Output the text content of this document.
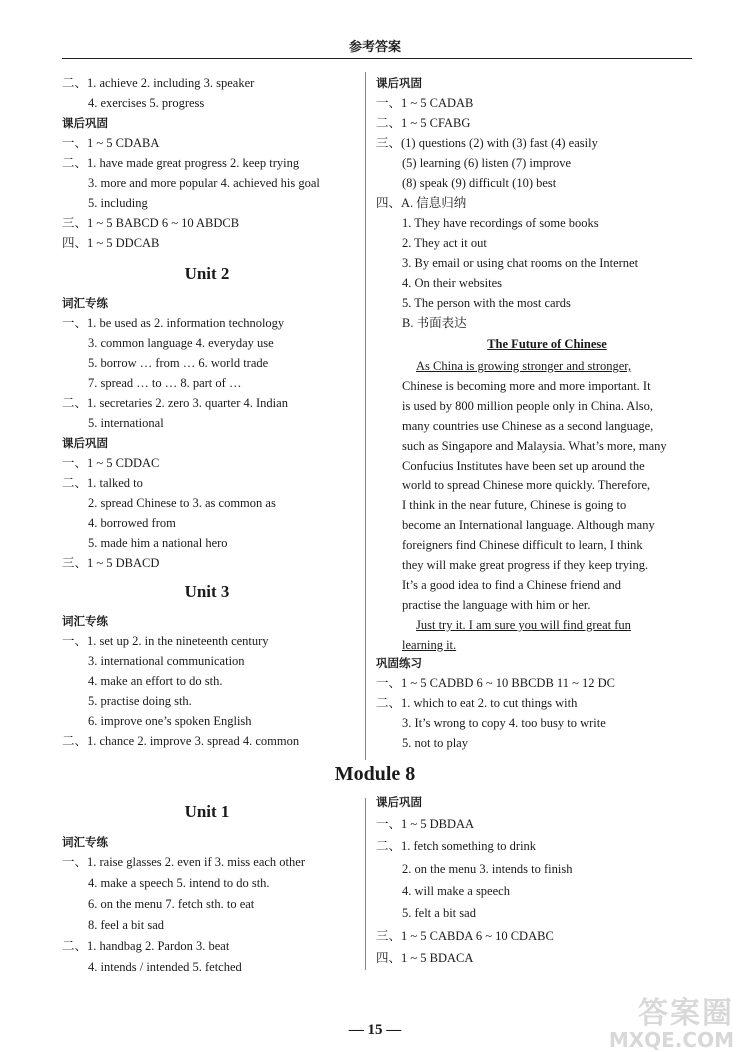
参考答案
二、1. achieve 2. including 3. speaker
4. exercises 5. progress
课后巩固
一、1 ~ 5 CDABA
二、1. have made great progress 2. keep trying
3. more and more popular 4. achieved his goal
5. including
三、1 ~ 5 BABCD 6 ~ 10 ABDCB
四、1 ~ 5 DDCAB
Unit 2
词汇专练
一、1. be used as 2. information technology
3. common language 4. everyday use
5. borrow … from … 6. world trade
7. spread … to … 8. part of …
二、1. secretaries 2. zero 3. quarter 4. Indian
5. international
课后巩固
一、1 ~ 5 CDDAC
二、1. talked to
2. spread Chinese to 3. as common as
4. borrowed from
5. made him a national hero
三、1 ~ 5 DBACD
Unit 3
词汇专练
一、1. set up 2. in the nineteenth century
3. international communication
4. make an effort to do sth.
5. practise doing sth.
6. improve one’s spoken English
二、1. chance 2. improve 3. spread 4. common
课后巩固
一、1 ~ 5 CADAB
二、1 ~ 5 CFABG
三、(1) questions (2) with (3) fast (4) easily
(5) learning (6) listen (7) improve
(8) speak (9) difficult (10) best
四、A. 信息归纳
1. They have recordings of some books
2. They act it out
3. By email or using chat rooms on the Internet
4. On their websites
5. The person with the most cards
B. 书面表达
The Future of Chinese
As China is growing stronger and stronger,
Chinese is becoming more and more important. It
is used by 800 million people only in China. Also,
many countries use Chinese as a second language,
such as Singapore and Malaysia. What’s more, many
Confucius Institutes have been set up around the
world to spread Chinese more quickly. Therefore,
I think in the near future, Chinese is going to
become an International language. Although many
foreigners find Chinese difficult to learn, I think
they will make great progress if they keep trying.
It’s a good idea to find a Chinese friend and
practise the language with him or her.
Just try it. I am sure you will find great fun
learning it.
巩固练习
一、1 ~ 5 CADBD 6 ~ 10 BBCDB 11 ~ 12 DC
二、1. which to eat 2. to cut things with
3. It’s wrong to copy 4. too busy to write
5. not to play
Module 8
Unit 1
词汇专练
一、1. raise glasses 2. even if 3. miss each other
4. make a speech 5. intend to do sth.
6. on the menu 7. fetch sth. to eat
8. feel a bit sad
二、1. handbag 2. Pardon 3. beat
4. intends / intended 5. fetched
课后巩固
一、1 ~ 5 DBDAA
二、1. fetch something to drink
2. on the menu 3. intends to finish
4. will make a speech
5. felt a bit sad
三、1 ~ 5 CABDA 6 ~ 10 CDABC
四、1 ~ 5 BDACA
— 15 —	答案圈
MXQE.COM
